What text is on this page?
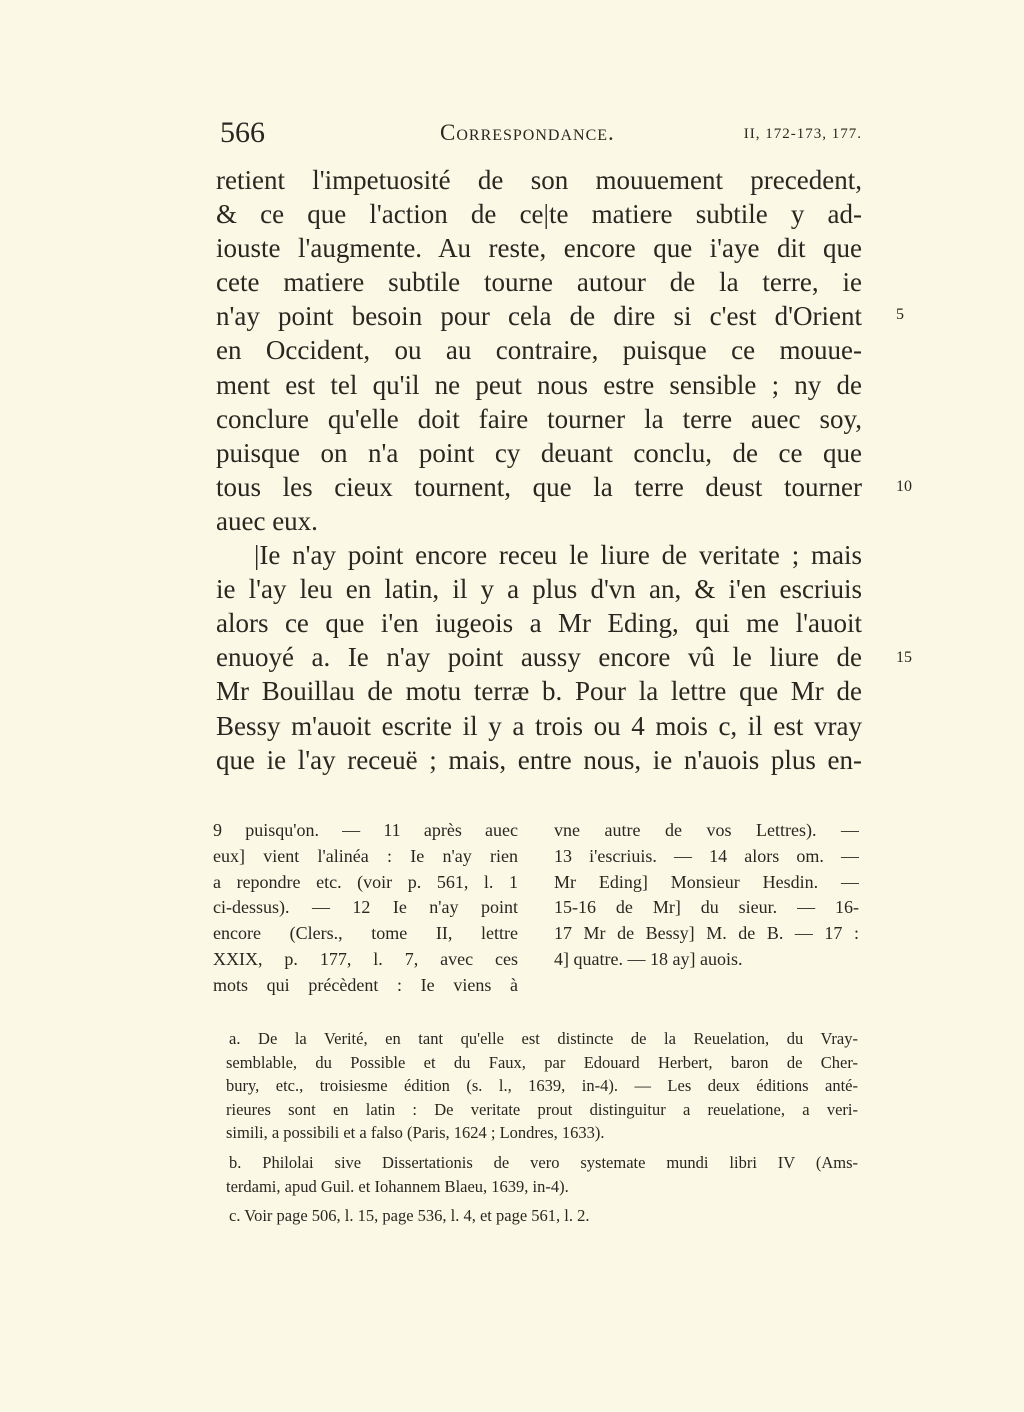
566	Correspondance.	II, 172-173, 177.
retient l'impetuosité de son mouuement precedent,
& ce que l'action de ce|te matiere subtile y ad-
iouste l'augmente. Au reste, encore que i'aye dit que
cete matiere subtile tourne autour de la terre, ie
n'ay point besoin pour cela de dire si c'est d'Orient
en Occident, ou au contraire, puisque ce mouue-
ment est tel qu'il ne peut nous estre sensible ; ny de
conclure qu'elle doit faire tourner la terre auec soy,
puisque on n'a point cy deuant conclu, de ce que
tous les cieux tournent, que la terre deust tourner
auec eux.
|Ie n'ay point encore receu le liure de veritate ; mais
ie l'ay leu en latin, il y a plus d'vn an, & i'en escriuis
alors ce que i'en iugeois a Mr Eding, qui me l'auoit
enuoyé a. Ie n'ay point aussy encore vû le liure de
Mr Bouillau de motu terræ b. Pour la lettre que Mr de
Bessy m'auoit escrite il y a trois ou 4 mois c, il est vray
que ie l'ay receuë ; mais, entre nous, ie n'auois plus en-
5
10
15
9 puisqu'on. — 11 après auec
eux] vient l'alinéa : Ie n'ay rien
a repondre etc. (voir p. 561, l. 1
ci-dessus). — 12 Ie n'ay point
encore (Clers., tome II, lettre
XXIX, p. 177, l. 7, avec ces
mots qui précèdent : Ie viens à
vne autre de vos Lettres). —
13 i'escriuis. — 14 alors om. —
Mr Eding] Monsieur Hesdin. —
15-16 de Mr] du sieur. — 16-
17 Mr de Bessy] M. de B. — 17 :
4] quatre. — 18 ay] auois.
a. De la Verité, en tant qu'elle est distincte de la Reuelation, du Vray-
semblable, du Possible et du Faux, par Edouard Herbert, baron de Cher-
bury, etc., troisiesme édition (s. l., 1639, in-4). — Les deux éditions anté-
rieures sont en latin : De veritate prout distinguitur a reuelatione, a veri-
simili, a possibili et a falso (Paris, 1624 ; Londres, 1633).
b. Philolai sive Dissertationis de vero systemate mundi libri IV (Ams-
terdami, apud Guil. et Iohannem Blaeu, 1639, in-4).
c. Voir page 506, l. 15, page 536, l. 4, et page 561, l. 2.
